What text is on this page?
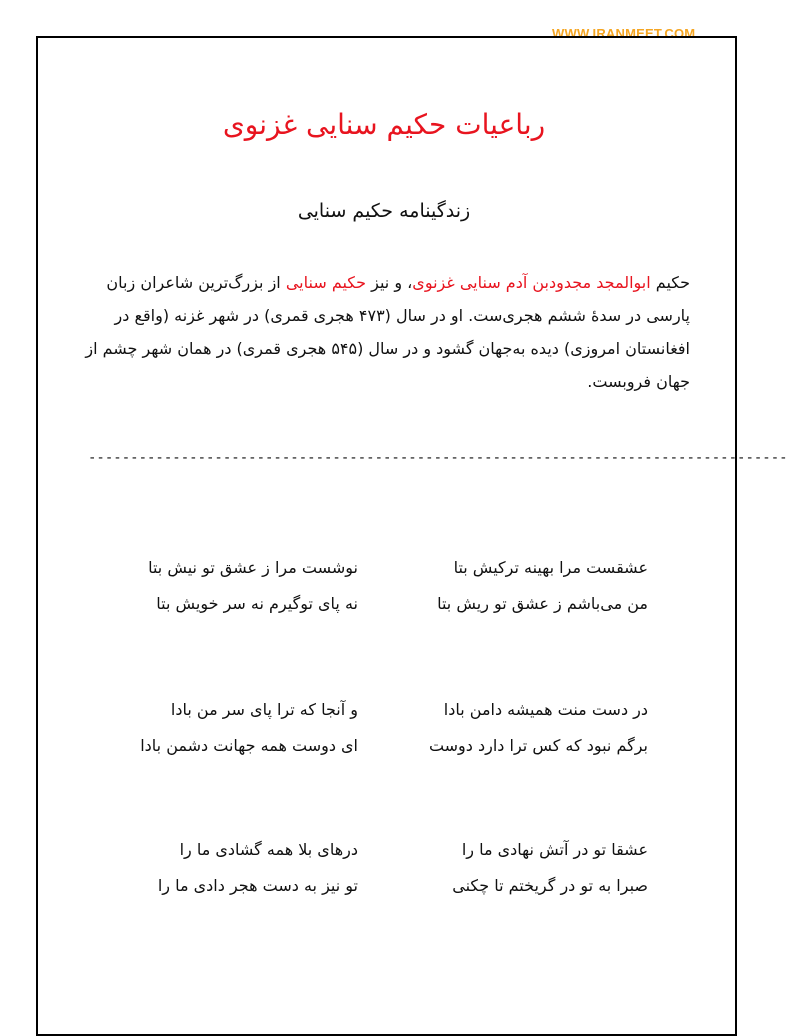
WWW.IRANMEET.COM
رباعیات حکیم سنایی غزنوی
زندگینامه حکیم سنایی
حکیم ابوالمجد مجدودبن آدم سنایی غزنوی، و نیز حکیم سنایی از بزرگ‌ترین شاعران زبان پارسی در سدهٔ ششم هجری‌ست. او در سال (۴۷۳ هجری قمری) در شهر غزنه (واقع در افغانستان امروزی) دیده به‌جهان گشود و در سال (۵۴۵ هجری قمری) در همان شهر چشم از جهان فروبست.
-----------------------------------------------------------------------------------
عشقست مرا بهینه ترکیش بتا
نوشست مرا ز عشق تو نیش بتا
من می‌باشم ز عشق تو ریش بتا
نه پای توگیرم نه سر خویش بتا
در دست منت همیشه دامن بادا
و آنجا که ترا پای سر من بادا
برگم نبود که کس ترا دارد دوست
ای دوست همه جهانت دشمن بادا
عشقا تو در آتش نهادی ما را
درهای بلا همه گشادی ما را
صبرا به تو در گریختم تا چکنی
تو نیز به دست هجر دادی ما را
